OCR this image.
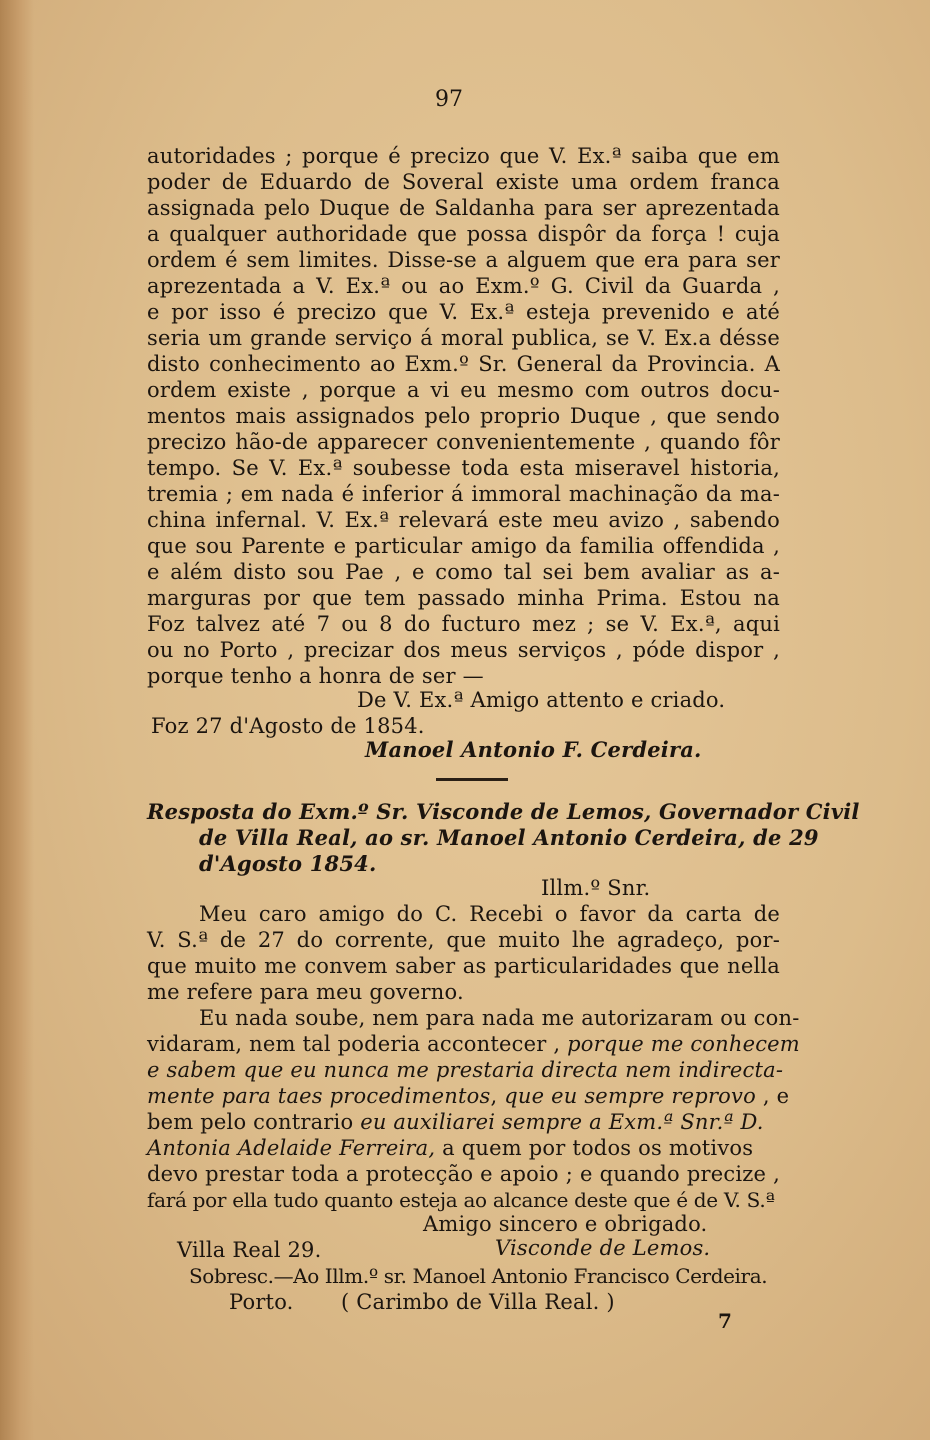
97
autoridades ; porque é precizo que V. Ex.ª saiba que em
poder de Eduardo de Soveral existe uma ordem franca
assignada pelo Duque de Saldanha para ser aprezentada
a qualquer authoridade que possa dispôr da força ! cuja
ordem é sem limites. Disse-se a alguem que era para ser
aprezentada a V. Ex.ª ou ao Exm.º G. Civil da Guarda ,
e por isso é precizo que V. Ex.ª esteja prevenido e até
seria um grande serviço á moral publica, se V. Ex.a désse
disto conhecimento ao Exm.º Sr. General da Provincia. A
ordem existe , porque a vi eu mesmo com outros docu-
mentos mais assignados pelo proprio Duque , que sendo
precizo hão-de apparecer convenientemente , quando fôr
tempo. Se V. Ex.ª soubesse toda esta miseravel historia,
tremia ; em nada é inferior á immoral machinação da ma-
china infernal. V. Ex.ª relevará este meu avizo , sabendo
que sou Parente e particular amigo da familia offendida ,
e além disto sou Pae , e como tal sei bem avaliar as a-
marguras por que tem passado minha Prima. Estou na
Foz talvez até 7 ou 8 do fucturo mez ; se V. Ex.ª, aqui
ou no Porto , precizar dos meus serviços , póde dispor ,
porque tenho a honra de ser —
De V. Ex.ª Amigo attento e criado.
Foz 27 d'Agosto de 1854.
Manoel Antonio F. Cerdeira.
Resposta do Exm.º Sr. Visconde de Lemos, Governador Civil
de Villa Real, ao sr. Manoel Antonio Cerdeira, de 29
d'Agosto 1854.
Illm.º Snr.
Meu caro amigo do C. Recebi o favor da carta de
V. S.ª de 27 do corrente, que muito lhe agradeço, por-
que muito me convem saber as particularidades que nella
me refere para meu governo.
Eu nada soube, nem para nada me autorizaram ou con-
vidaram, nem tal poderia accontecer , porque me conhecem
e sabem que eu nunca me prestaria directa nem indirecta-
mente para taes procedimentos, que eu sempre reprovo , e
bem pelo contrario eu auxiliarei sempre a Exm.ª Snr.ª D.
Antonia Adelaide Ferreira, a quem por todos os motivos
devo prestar toda a protecção e apoio ; e quando precize ,
fará por ella tudo quanto esteja ao alcance deste que é de V. S.ª
Amigo sincero e obrigado.
Villa Real 29.	Visconde de Lemos.
Sobresc.—Ao Illm.º sr. Manoel Antonio Francisco Cerdeira.
Porto.	( Carimbo de Villa Real. )
7
